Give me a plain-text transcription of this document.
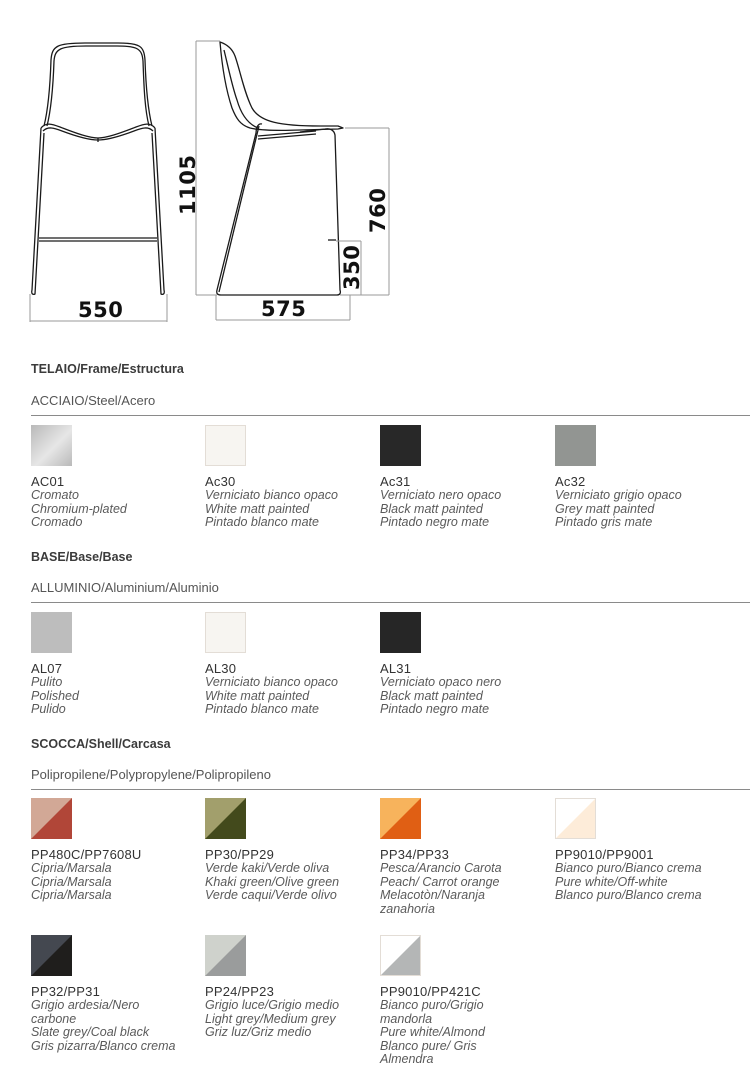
550	575
1105	760
350
TELAIO/Frame/Estructura
ACCIAIO/Steel/Acero
BASE/Base/Base
ALLUMINIO/Aluminium/Aluminio
SCOCCA/Shell/Carcasa
Polipropilene/Polypropylene/Polipropileno
AC01
Cromato
Chromium-plated
Cromado
Ac30
Verniciato bianco opaco
White matt painted
Pintado blanco mate
Ac31
Verniciato nero opaco
Black matt painted
Pintado negro mate
Ac32
Verniciato grigio opaco
Grey matt painted
Pintado gris mate
AL07
Pulito
Polished
Pulido
AL30
Verniciato bianco opaco
White matt painted
Pintado blanco mate
AL31
Verniciato opaco nero
Black matt painted
Pintado negro mate
PP480C/PP7608U
Cipria/Marsala
Cipria/Marsala
Cipria/Marsala
PP30/PP29
Verde kaki/Verde oliva
Khaki green/Olive green
Verde caqui/Verde olivo
PP34/PP33
Pesca/Arancio Carota
Peach/ Carrot orange
Melacotòn/Naranja
zanahoria
PP9010/PP9001
Bianco puro/Bianco crema
Pure white/Off-white
Blanco puro/Blanco crema
PP32/PP31
Grigio ardesia/Nero
carbone
Slate grey/Coal black
Gris pizarra/Blanco crema
PP24/PP23
Grigio luce/Grigio medio
Light grey/Medium grey
Griz luz/Griz medio
PP9010/PP421C
Bianco puro/Grigio
mandorla
Pure white/Almond
Blanco pure/ Gris
Almendra
